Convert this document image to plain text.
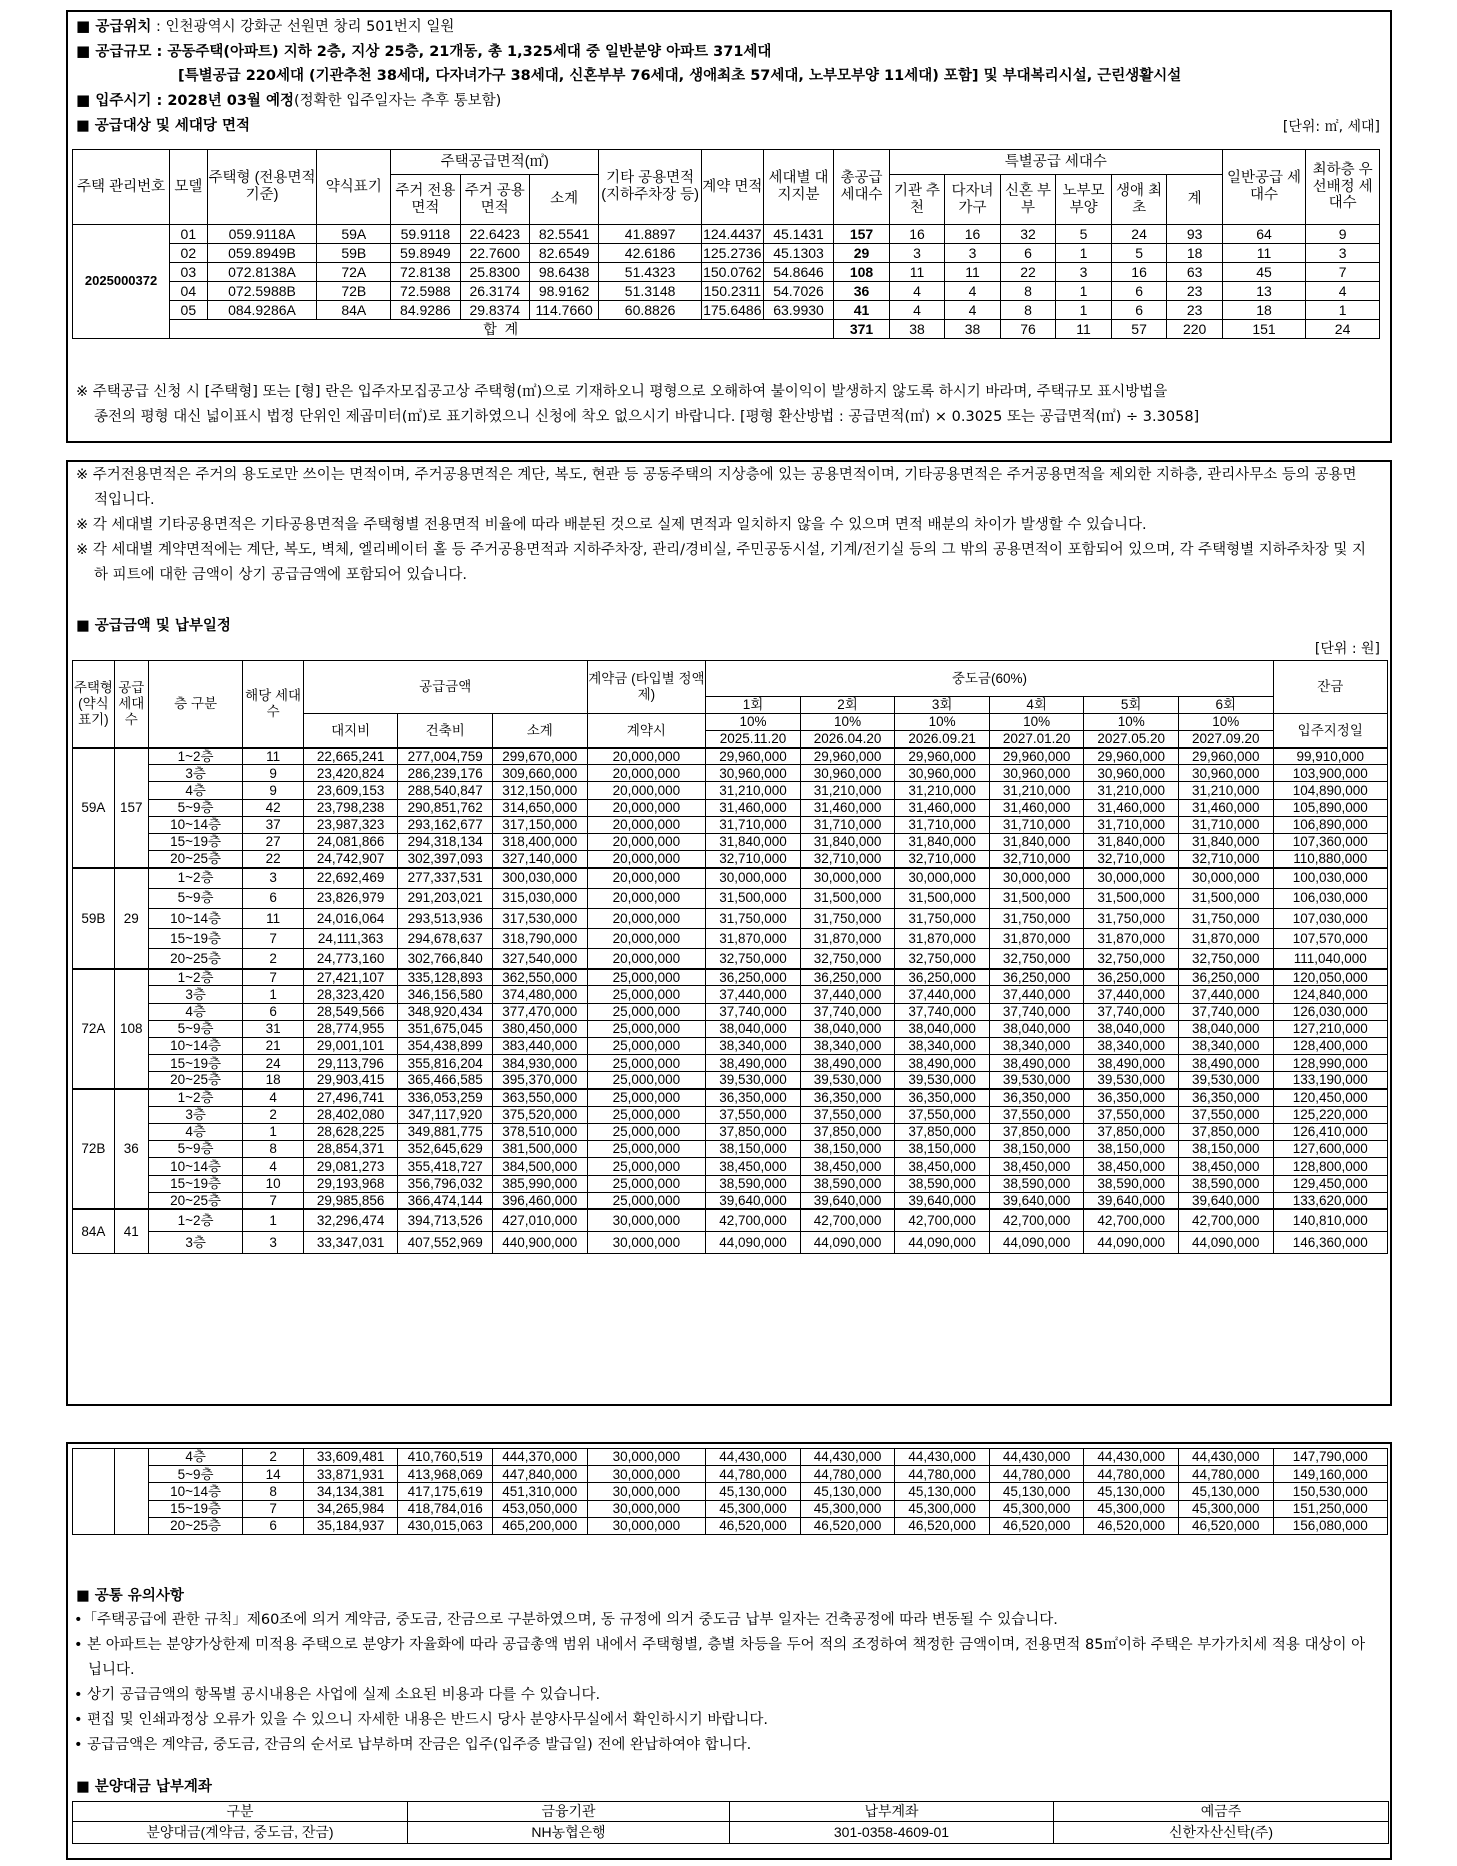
■ 공급위치 : 인천광역시 강화군 선원면 창리 501번지 일원
■ 공급규모 : 공동주택(아파트) 지하 2층, 지상 25층, 21개동, 총 1,325세대 중 일반분양 아파트 371세대
[특별공급 220세대 (기관추천 38세대, 다자녀가구 38세대, 신혼부부 76세대, 생애최초 57세대, 노부모부양 11세대) 포함] 및 부대복리시설, 근린생활시설
■ 입주시기 : 2028년 03월 예정(정확한 입주일자는 추후 통보함)
■ 공급대상 및 세대당 면적	[단위: ㎡, 세대]
주택 관리번호	모델	주택형 (전용면적 기준)	약식표기	주택공급면적(㎡)			기타 공용면적 (지하주차장 등)	계약 면적	세대별 대지지분	총공급 세대수	특별공급 세대수						일반공급 세대수	최하층 우선배정 세대수
				주거 전용면적	주거 공용면적	소계					기관 추천	다자녀 가구	신혼 부부	노부모 부양	생애 최초	계		

2025000372	01	059.9118A	59A	59.9118	22.6423	82.5541	41.8897	124.4437	45.1431	157	16	16	32	5	24	93	64	9
	02	059.8949B	59B	59.8949	22.7600	82.6549	42.6186	125.2736	45.1303	29	3	3	6	1	5	18	11	3
	03	072.8138A	72A	72.8138	25.8300	98.6438	51.4323	150.0762	54.8646	108	11	11	22	3	16	63	45	7
	04	072.5988B	72B	72.5988	26.3174	98.9162	51.3148	150.2311	54.7026	36	4	4	8	1	6	23	13	4
	05	084.9286A	84A	84.9286	29.8374	114.7660	60.8826	175.6486	63.9930	41	4	4	8	1	6	23	18	1
	합 계									371	38	38	76	11	57	220	151	24
※ 주택공급 신청 시 [주택형] 또는 [형] 란은 입주자모집공고상 주택형(㎡)으로 기재하오니 평형으로 오해하여 불이익이 발생하지 않도록 하시기 바라며, 주택규모 표시방법을
종전의 평형 대신 넓이표시 법정 단위인 제곱미터(㎡)로 표기하였으니 신청에 착오 없으시기 바랍니다. [평형 환산방법 : 공급면적(㎡) × 0.3025 또는 공급면적(㎡) ÷ 3.3058]
※ 주거전용면적은 주거의 용도로만 쓰이는 면적이며, 주거공용면적은 계단, 복도, 현관 등 공동주택의 지상층에 있는 공용면적이며, 기타공용면적은 주거공용면적을 제외한 지하층, 관리사무소 등의 공용면적입니다.
※ 각 세대별 기타공용면적은 기타공용면적을 주택형별 전용면적 비율에 따라 배분된 것으로 실제 면적과 일치하지 않을 수 있으며 면적 배분의 차이가 발생할 수 있습니다.
※ 각 세대별 계약면적에는 계단, 복도, 벽체, 엘리베이터 홀 등 주거공용면적과 지하주차장, 관리/경비실, 주민공동시설, 기계/전기실 등의 그 밖의 공용면적이 포함되어 있으며, 각 주택형별 지하주차장 및 지하 피트에 대한 금액이 상기 공급금액에 포함되어 있습니다.
■ 공급금액 및 납부일정
[단위 : 원]
주택형 (약식 표기)	공급 세대수	층 구분	해당 세대수	공급금액			계약금 (타입별 정액제)	중도금(60%)						잔금
								1회	2회	3회	4회	5회	6회	
				대지비	건축비	소계	계약시	10%	10%	10%	10%	10%	10%	입주지정일
								2025.11.20	2026.04.20	2026.09.21	2027.01.20	2027.05.20	2027.09.20	
59A	157	1~2층	11	22,665,241	277,004,759	299,670,000	20,000,000	29,960,000	29,960,000	29,960,000	29,960,000	29,960,000	29,960,000	99,910,000
		3층	9	23,420,824	286,239,176	309,660,000	20,000,000	30,960,000	30,960,000	30,960,000	30,960,000	30,960,000	30,960,000	103,900,000
		4층	9	23,609,153	288,540,847	312,150,000	20,000,000	31,210,000	31,210,000	31,210,000	31,210,000	31,210,000	31,210,000	104,890,000
		5~9층	42	23,798,238	290,851,762	314,650,000	20,000,000	31,460,000	31,460,000	31,460,000	31,460,000	31,460,000	31,460,000	105,890,000
		10~14층	37	23,987,323	293,162,677	317,150,000	20,000,000	31,710,000	31,710,000	31,710,000	31,710,000	31,710,000	31,710,000	106,890,000
		15~19층	27	24,081,866	294,318,134	318,400,000	20,000,000	31,840,000	31,840,000	31,840,000	31,840,000	31,840,000	31,840,000	107,360,000
		20~25층	22	24,742,907	302,397,093	327,140,000	20,000,000	32,710,000	32,710,000	32,710,000	32,710,000	32,710,000	32,710,000	110,880,000
59B	29	1~2층	3	22,692,469	277,337,531	300,030,000	20,000,000	30,000,000	30,000,000	30,000,000	30,000,000	30,000,000	30,000,000	100,030,000
		5~9층	6	23,826,979	291,203,021	315,030,000	20,000,000	31,500,000	31,500,000	31,500,000	31,500,000	31,500,000	31,500,000	106,030,000
		10~14층	11	24,016,064	293,513,936	317,530,000	20,000,000	31,750,000	31,750,000	31,750,000	31,750,000	31,750,000	31,750,000	107,030,000
		15~19층	7	24,111,363	294,678,637	318,790,000	20,000,000	31,870,000	31,870,000	31,870,000	31,870,000	31,870,000	31,870,000	107,570,000
		20~25층	2	24,773,160	302,766,840	327,540,000	20,000,000	32,750,000	32,750,000	32,750,000	32,750,000	32,750,000	32,750,000	111,040,000
72A	108	1~2층	7	27,421,107	335,128,893	362,550,000	25,000,000	36,250,000	36,250,000	36,250,000	36,250,000	36,250,000	36,250,000	120,050,000
		3층	1	28,323,420	346,156,580	374,480,000	25,000,000	37,440,000	37,440,000	37,440,000	37,440,000	37,440,000	37,440,000	124,840,000
		4층	6	28,549,566	348,920,434	377,470,000	25,000,000	37,740,000	37,740,000	37,740,000	37,740,000	37,740,000	37,740,000	126,030,000
		5~9층	31	28,774,955	351,675,045	380,450,000	25,000,000	38,040,000	38,040,000	38,040,000	38,040,000	38,040,000	38,040,000	127,210,000
		10~14층	21	29,001,101	354,438,899	383,440,000	25,000,000	38,340,000	38,340,000	38,340,000	38,340,000	38,340,000	38,340,000	128,400,000
		15~19층	24	29,113,796	355,816,204	384,930,000	25,000,000	38,490,000	38,490,000	38,490,000	38,490,000	38,490,000	38,490,000	128,990,000
		20~25층	18	29,903,415	365,466,585	395,370,000	25,000,000	39,530,000	39,530,000	39,530,000	39,530,000	39,530,000	39,530,000	133,190,000
72B	36	1~2층	4	27,496,741	336,053,259	363,550,000	25,000,000	36,350,000	36,350,000	36,350,000	36,350,000	36,350,000	36,350,000	120,450,000
		3층	2	28,402,080	347,117,920	375,520,000	25,000,000	37,550,000	37,550,000	37,550,000	37,550,000	37,550,000	37,550,000	125,220,000
		4층	1	28,628,225	349,881,775	378,510,000	25,000,000	37,850,000	37,850,000	37,850,000	37,850,000	37,850,000	37,850,000	126,410,000
		5~9층	8	28,854,371	352,645,629	381,500,000	25,000,000	38,150,000	38,150,000	38,150,000	38,150,000	38,150,000	38,150,000	127,600,000
		10~14층	4	29,081,273	355,418,727	384,500,000	25,000,000	38,450,000	38,450,000	38,450,000	38,450,000	38,450,000	38,450,000	128,800,000
		15~19층	10	29,193,968	356,796,032	385,990,000	25,000,000	38,590,000	38,590,000	38,590,000	38,590,000	38,590,000	38,590,000	129,450,000
		20~25층	7	29,985,856	366,474,144	396,460,000	25,000,000	39,640,000	39,640,000	39,640,000	39,640,000	39,640,000	39,640,000	133,620,000
84A	41	1~2층	1	32,296,474	394,713,526	427,010,000	30,000,000	42,700,000	42,700,000	42,700,000	42,700,000	42,700,000	42,700,000	140,810,000
		3층	3	33,347,031	407,552,969	440,900,000	30,000,000	44,090,000	44,090,000	44,090,000	44,090,000	44,090,000	44,090,000	146,360,000
		4층	2	33,609,481	410,760,519	444,370,000	30,000,000	44,430,000	44,430,000	44,430,000	44,430,000	44,430,000	44,430,000	147,790,000
		5~9층	14	33,871,931	413,968,069	447,840,000	30,000,000	44,780,000	44,780,000	44,780,000	44,780,000	44,780,000	44,780,000	149,160,000
		10~14층	8	34,134,381	417,175,619	451,310,000	30,000,000	45,130,000	45,130,000	45,130,000	45,130,000	45,130,000	45,130,000	150,530,000
		15~19층	7	34,265,984	418,784,016	453,050,000	30,000,000	45,300,000	45,300,000	45,300,000	45,300,000	45,300,000	45,300,000	151,250,000
		20~25층	6	35,184,937	430,015,063	465,200,000	30,000,000	46,520,000	46,520,000	46,520,000	46,520,000	46,520,000	46,520,000	156,080,000
■ 공통 유의사항
•「주택공급에 관한 규칙」제60조에 의거 계약금, 중도금, 잔금으로 구분하였으며, 동 규정에 의거 중도금 납부 일자는 건축공정에 따라 변동될 수 있습니다.
• 본 아파트는 분양가상한제 미적용 주택으로 분양가 자율화에 따라 공급총액 범위 내에서 주택형별, 층별 차등을 두어 적의 조정하여 책정한 금액이며, 전용면적 85㎡이하 주택은 부가가치세 적용 대상이 아닙니다.
• 상기 공급금액의 항목별 공시내용은 사업에 실제 소요된 비용과 다를 수 있습니다.
• 편집 및 인쇄과정상 오류가 있을 수 있으니 자세한 내용은 반드시 당사 분양사무실에서 확인하시기 바랍니다.
• 공급금액은 계약금, 중도금, 잔금의 순서로 납부하며 잔금은 입주(입주증 발급일) 전에 완납하여야 합니다.
■ 분양대금 납부계좌
구분	금융기관	납부계좌	예금주
분양대금(계약금, 중도금, 잔금)	NH농협은행	301-0358-4609-01	신한자산신탁(주)
